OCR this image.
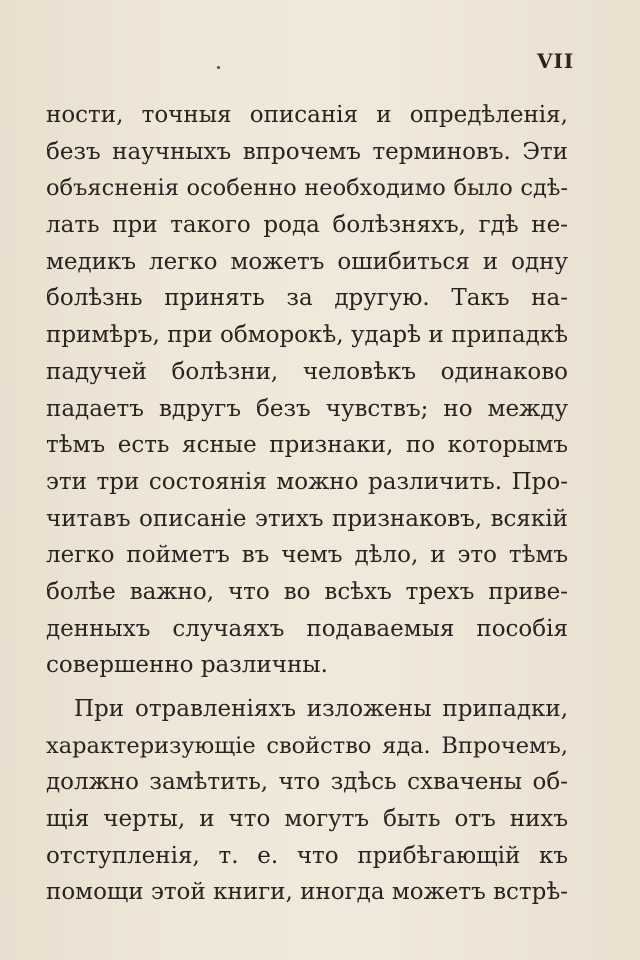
VII
ности, точныя описанія и опредѣленія,
безъ научныхъ впрочемъ терминовъ. Эти
объясненія особенно необходимо было сдѣ-
лать при такого рода болѣзняхъ, гдѣ не-
медикъ легко можетъ ошибиться и одну
болѣзнь принять за другую. Такъ на-
примѣръ, при обморокѣ, ударѣ и припадкѣ
падучей болѣзни, человѣкъ одинаково
падаетъ вдругъ безъ чувствъ; но между
тѣмъ есть ясные признаки, по которымъ
эти три состоянія можно различить. Про-
читавъ описаніе этихъ признаковъ, всякій
легко пойметъ въ чемъ дѣло, и это тѣмъ
болѣе важно, что во всѣхъ трехъ приве-
денныхъ случаяхъ подаваемыя пособія
совершенно различны.
При отравленіяхъ изложены припадки,
характеризующіе свойство яда. Впрочемъ,
должно замѣтить, что здѣсь схвачены об-
щія черты, и что могутъ быть отъ нихъ
отступленія, т. е. что прибѣгающій къ
помощи этой книги, иногда можетъ встрѣ-
